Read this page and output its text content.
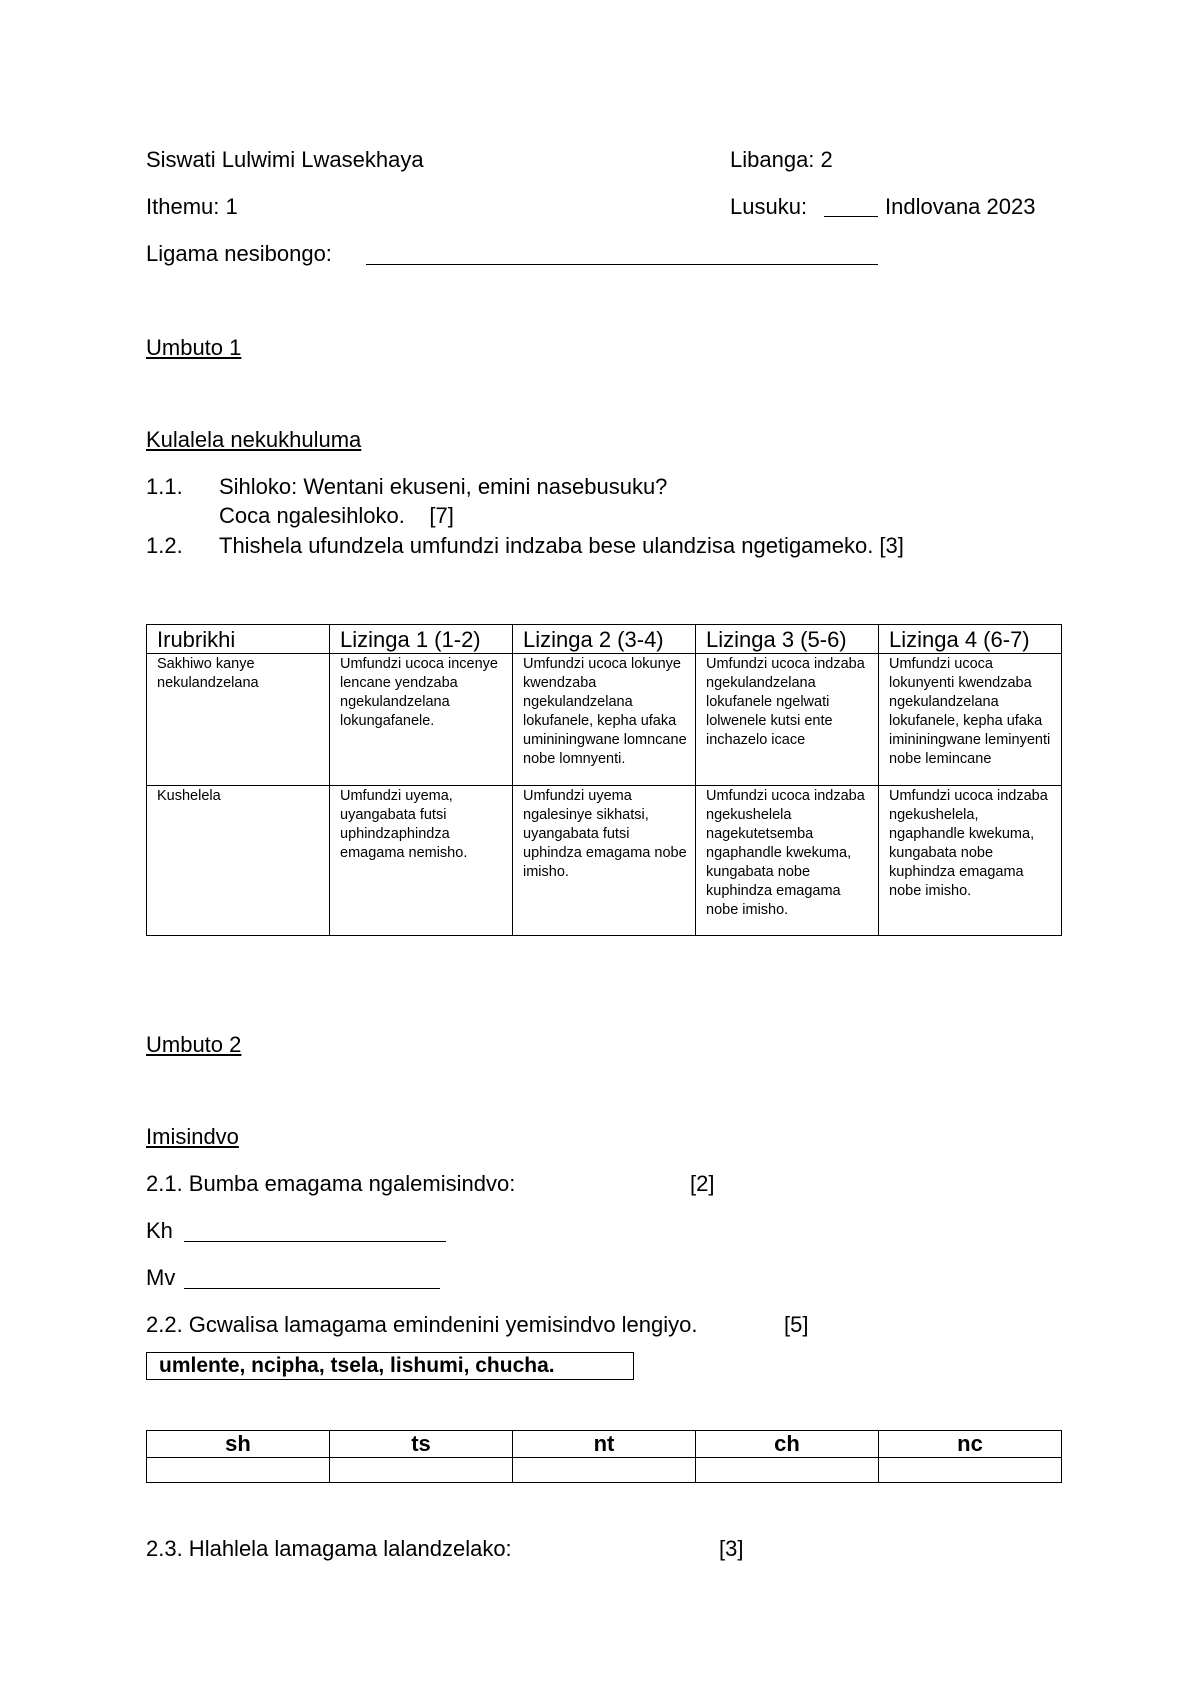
Siswati Lulwimi Lwasekhaya	Libanga: 2
Ithemu: 1	Lusuku:	Indlovana 2023
Ligama nesibongo:
Umbuto 1
Kulalela nekukhuluma
1.1. Sihloko: Wentani ekuseni, emini nasebusuku?
Coca ngalesihloko.    [7]
1.2. Thishela ufundzela umfundzi indzaba bese ulandzisa ngetigameko. [3]
Irubrikhi	Lizinga 1 (1-2)	Lizinga 2 (3-4)	Lizinga 3 (5-6)	Lizinga 4 (6-7)
Sakhiwo kanye nekulandzelana	Umfundzi ucoca incenye lencane yendzaba ngekulandzelana lokungafanele.	Umfundzi ucoca lokunye kwendzaba ngekulandzelana lokufanele, kepha ufaka umininingwane lomncane nobe lomnyenti.	Umfundzi ucoca indzaba ngekulandzelana lokufanele ngelwati lolwenele kutsi ente inchazelo icace	Umfundzi ucoca lokunyenti kwendzaba ngekulandzelana lokufanele, kepha ufaka imininingwane leminyenti nobe lemincane
Kushelela	Umfundzi uyema, uyangabata futsi uphindzaphindza emagama nemisho.	Umfundzi uyema ngalesinye sikhatsi, uyangabata futsi uphindza emagama nobe imisho.	Umfundzi ucoca indzaba ngekushelela nagekutetsemba ngaphandle kwekuma, kungabata nobe kuphindza emagama nobe imisho.	Umfundzi ucoca indzaba ngekushelela, ngaphandle kwekuma, kungabata nobe kuphindza emagama nobe imisho.
Umbuto 2
Imisindvo
2.1. Bumba emagama ngalemisindvo:	[2]
Kh
Mv
2.2. Gcwalisa lamagama emindenini yemisindvo lengiyo.	[5]
umlente, ncipha, tsela, lishumi, chucha.
sh	ts	nt	ch	nc

2.3. Hlahlela lamagama lalandzelako:	[3]
